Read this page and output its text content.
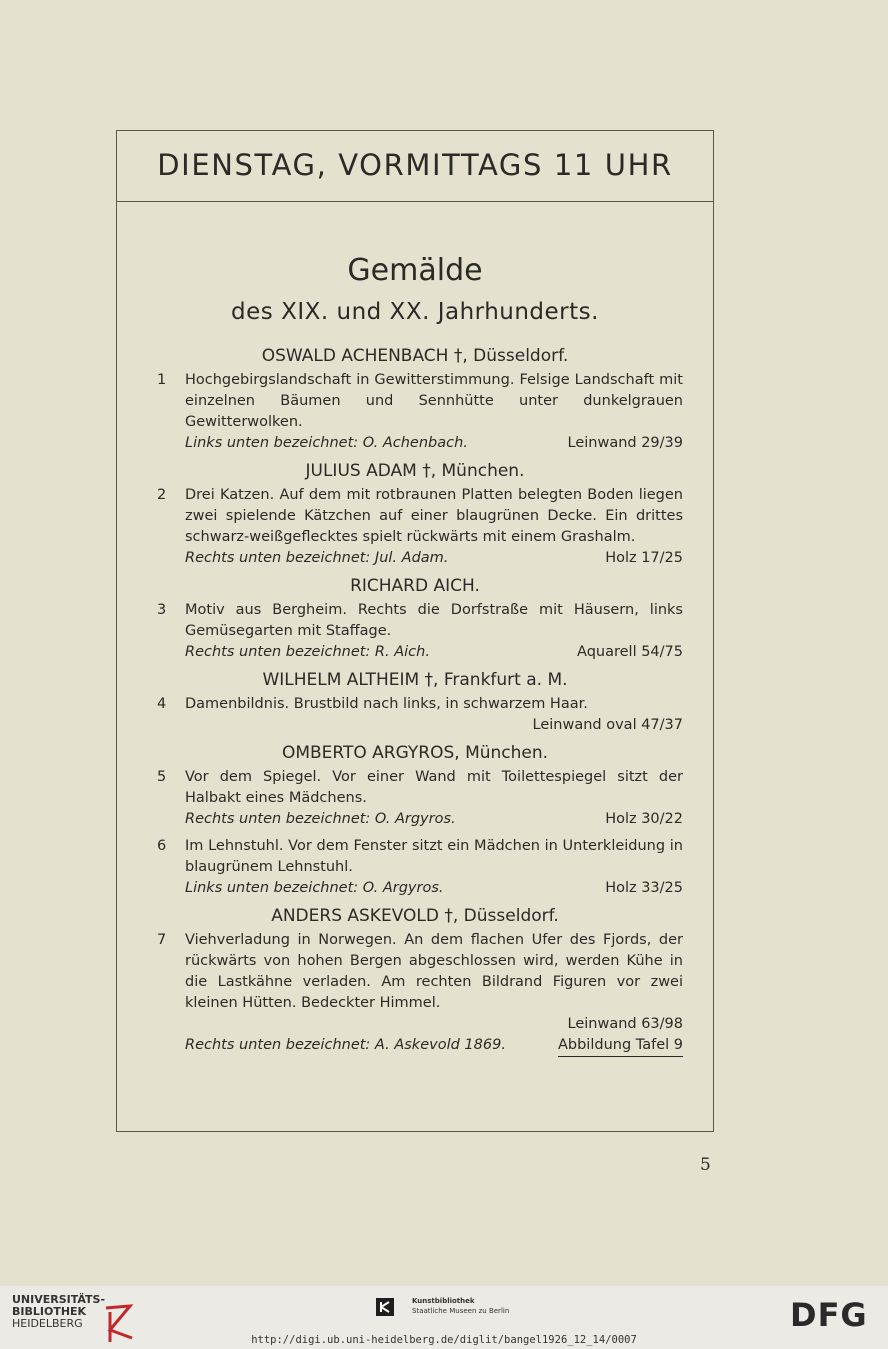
DIENSTAG, VORMITTAGS 11 UHR
Gemälde
des XIX. und XX. Jahrhunderts.
OSWALD ACHENBACH †, Düsseldorf.
1 Hochgebirgslandschaft in Gewitterstimmung. Felsige Landschaft mit einzelnen Bäumen und Sennhütte unter dunkelgrauen Gewitterwolken.
Links unten bezeichnet: O. Achenbach.	Leinwand 29/39
JULIUS ADAM †, München.
2 Drei Katzen. Auf dem mit rotbraunen Platten belegten Boden liegen zwei spielende Kätzchen auf einer blaugrünen Decke. Ein drittes schwarz-weißgeflecktes spielt rückwärts mit einem Grashalm.
Rechts unten bezeichnet: Jul. Adam.	Holz 17/25
RICHARD AICH.
3 Motiv aus Bergheim. Rechts die Dorfstraße mit Häusern, links Gemüsegarten mit Staffage.
Rechts unten bezeichnet: R. Aich.	Aquarell 54/75
WILHELM ALTHEIM †, Frankfurt a. M.
4 Damenbildnis. Brustbild nach links, in schwarzem Haar.
Leinwand oval 47/37
OMBERTO ARGYROS, München.
5 Vor dem Spiegel. Vor einer Wand mit Toilettespiegel sitzt der Halbakt eines Mädchens.
Rechts unten bezeichnet: O. Argyros.	Holz 30/22
6 Im Lehnstuhl. Vor dem Fenster sitzt ein Mädchen in Unterkleidung in blaugrünem Lehnstuhl.
Links unten bezeichnet: O. Argyros.	Holz 33/25
ANDERS ASKEVOLD †, Düsseldorf.
7 Viehverladung in Norwegen. An dem flachen Ufer des Fjords, der rückwärts von hohen Bergen abgeschlossen wird, werden Kühe in die Lastkähne verladen. Am rechten Bildrand Figuren vor zwei kleinen Hütten. Bedeckter Himmel.
Leinwand 63/98
Rechts unten bezeichnet: A. Askevold 1869.	Abbildung Tafel 9
5
UNIVERSITÄTS-
BIBLIOTHEK
HEIDELBERG
Kunstbibliothek
Staatliche Museen zu Berlin	DFG
http://digi.ub.uni-heidelberg.de/diglit/bangel1926_12_14/0007
